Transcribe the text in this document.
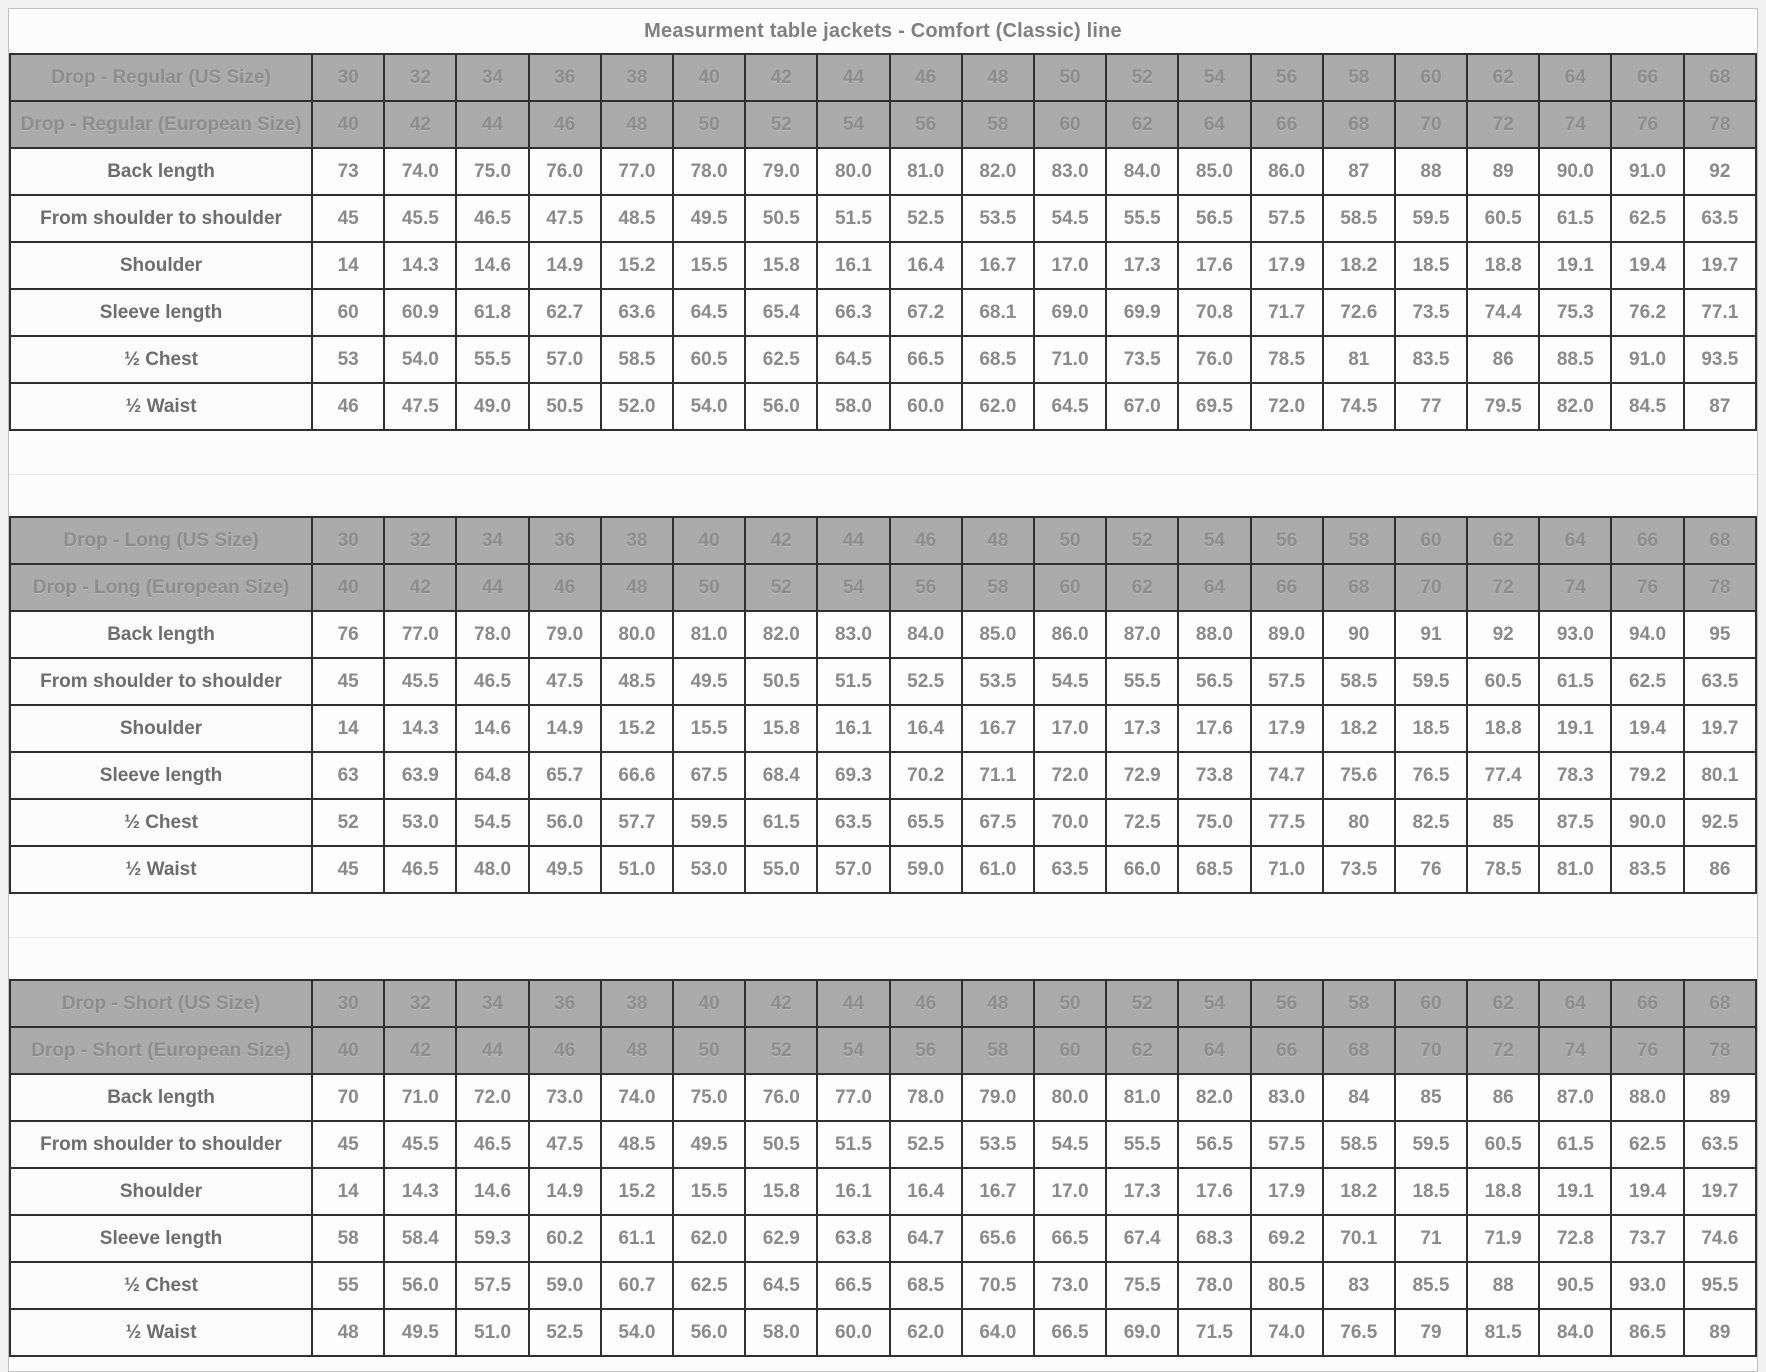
Measurment table jackets - Comfort (Classic) line
Drop - Regular (US Size)	30	32	34	36	38	40	42	44	46	48	50	52	54	56	58	60	62	64	66	68
Drop - Regular (European Size)	40	42	44	46	48	50	52	54	56	58	60	62	64	66	68	70	72	74	76	78
Back length	73	74.0	75.0	76.0	77.0	78.0	79.0	80.0	81.0	82.0	83.0	84.0	85.0	86.0	87	88	89	90.0	91.0	92
From shoulder to shoulder	45	45.5	46.5	47.5	48.5	49.5	50.5	51.5	52.5	53.5	54.5	55.5	56.5	57.5	58.5	59.5	60.5	61.5	62.5	63.5
Shoulder	14	14.3	14.6	14.9	15.2	15.5	15.8	16.1	16.4	16.7	17.0	17.3	17.6	17.9	18.2	18.5	18.8	19.1	19.4	19.7
Sleeve length	60	60.9	61.8	62.7	63.6	64.5	65.4	66.3	67.2	68.1	69.0	69.9	70.8	71.7	72.6	73.5	74.4	75.3	76.2	77.1
½ Chest	53	54.0	55.5	57.0	58.5	60.5	62.5	64.5	66.5	68.5	71.0	73.5	76.0	78.5	81	83.5	86	88.5	91.0	93.5
½ Waist	46	47.5	49.0	50.5	52.0	54.0	56.0	58.0	60.0	62.0	64.5	67.0	69.5	72.0	74.5	77	79.5	82.0	84.5	87
Drop - Long (US Size)	30	32	34	36	38	40	42	44	46	48	50	52	54	56	58	60	62	64	66	68
Drop - Long (European Size)	40	42	44	46	48	50	52	54	56	58	60	62	64	66	68	70	72	74	76	78
Back length	76	77.0	78.0	79.0	80.0	81.0	82.0	83.0	84.0	85.0	86.0	87.0	88.0	89.0	90	91	92	93.0	94.0	95
From shoulder to shoulder	45	45.5	46.5	47.5	48.5	49.5	50.5	51.5	52.5	53.5	54.5	55.5	56.5	57.5	58.5	59.5	60.5	61.5	62.5	63.5
Shoulder	14	14.3	14.6	14.9	15.2	15.5	15.8	16.1	16.4	16.7	17.0	17.3	17.6	17.9	18.2	18.5	18.8	19.1	19.4	19.7
Sleeve length	63	63.9	64.8	65.7	66.6	67.5	68.4	69.3	70.2	71.1	72.0	72.9	73.8	74.7	75.6	76.5	77.4	78.3	79.2	80.1
½ Chest	52	53.0	54.5	56.0	57.7	59.5	61.5	63.5	65.5	67.5	70.0	72.5	75.0	77.5	80	82.5	85	87.5	90.0	92.5
½ Waist	45	46.5	48.0	49.5	51.0	53.0	55.0	57.0	59.0	61.0	63.5	66.0	68.5	71.0	73.5	76	78.5	81.0	83.5	86
Drop - Short (US Size)	30	32	34	36	38	40	42	44	46	48	50	52	54	56	58	60	62	64	66	68
Drop - Short (European Size)	40	42	44	46	48	50	52	54	56	58	60	62	64	66	68	70	72	74	76	78
Back length	70	71.0	72.0	73.0	74.0	75.0	76.0	77.0	78.0	79.0	80.0	81.0	82.0	83.0	84	85	86	87.0	88.0	89
From shoulder to shoulder	45	45.5	46.5	47.5	48.5	49.5	50.5	51.5	52.5	53.5	54.5	55.5	56.5	57.5	58.5	59.5	60.5	61.5	62.5	63.5
Shoulder	14	14.3	14.6	14.9	15.2	15.5	15.8	16.1	16.4	16.7	17.0	17.3	17.6	17.9	18.2	18.5	18.8	19.1	19.4	19.7
Sleeve length	58	58.4	59.3	60.2	61.1	62.0	62.9	63.8	64.7	65.6	66.5	67.4	68.3	69.2	70.1	71	71.9	72.8	73.7	74.6
½ Chest	55	56.0	57.5	59.0	60.7	62.5	64.5	66.5	68.5	70.5	73.0	75.5	78.0	80.5	83	85.5	88	90.5	93.0	95.5
½ Waist	48	49.5	51.0	52.5	54.0	56.0	58.0	60.0	62.0	64.0	66.5	69.0	71.5	74.0	76.5	79	81.5	84.0	86.5	89
